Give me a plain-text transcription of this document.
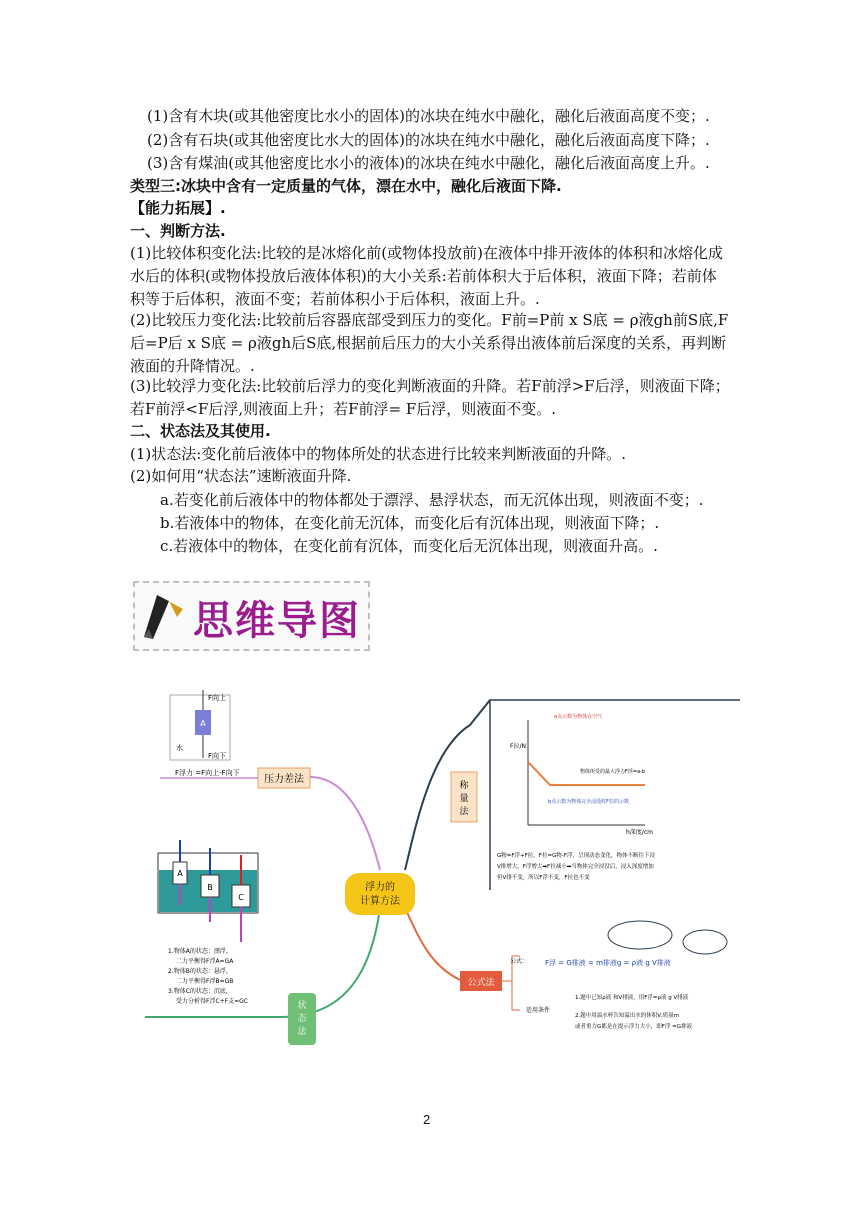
(1)含有木块(或其他密度比水小的固体)的冰块在纯水中融化，融化后液面高度不变；.
(2)含有石块(或其他密度比水大的固体)的冰块在纯水中融化，融化后液面高度下降；.
(3)含有煤油(或其他密度比水小的液体)的冰块在纯水中融化，融化后液面高度上升。.
类型三:冰块中含有一定质量的气体，漂在水中，融化后液面下降.
【能力拓展】.
一、判断方法.
(1)比较体积变化法:比较的是冰熔化前(或物体投放前)在液体中排开液体的体积和冰熔化成水后的体积(或物体投放后液体体积)的大小关系:若前体积大于后体积，液面下降；若前体积等于后体积，液面不变；若前体积小于后体积，液面上升。.
(2)比较压力变化法:比较前后容器底部受到压力的变化。F前=P前 x S底 = ρ液gh前S底,F后=P后 x S底 = ρ液gh后S底,根据前后压力的大小关系得出液体前后深度的关系，再判断液面的升降情况。.
(3)比较浮力变化法:比较前后浮力的变化判断液面的升降。若F前浮>F后浮，则液面下降；若F前浮<F后浮,则液面上升；若F前浮= F后浮，则液面不变。.
二、状态法及其使用.
(1)状态法:变化前后液体中的物体所处的状态进行比较来判断液面的升降。.
(2)如何用“状态法”速断液面升降.
a.若变化前后液体中的物体都处于漂浮、悬浮状态，而无沉体出现，则液面不变；.
b.若液体中的物体，在变化前无沉体，而变化后有沉体出现，则液面下降；.
c.若液体中的物体，在变化前有沉体，而变化后无沉体出现，则液面升高。.
思维导图
浮力的
计算方法
压力差法
F浮力 =F向上-F向下
A
F向上
F向下
水
A
B
C
1.物体A的状态：漂浮，
二力平衡得F浮A=GA
2.物体B的状态：悬浮，
二力平衡得F浮B=GB
3.物体C的状态：沉底，
受力分析得F浮C+F支=GC	状
态
法
称
量
法
F拉/N
h深度/cm
a点示数为物体在空气
物体所受的最大浮力F浮=a-b
b点示数为物体完全浸没时F拉的示数
G物=F浮+F拉，F拉=G物-F浮，呈现动态变化，物体不断往下浸
V排增大，F浮增大➡F拉减小➡当物体完全浸没后，浸入深度增加
但V排不变，所以F浮不变，F拉也不变
公式法
公式： F浮 = G排液 = m排液g = ρ液 g V排液
适用条件
1.题中已知ρ液 和V排液，用F浮=ρ液 g V排液
2.题中用溢水杯告知溢出水的体积V,质量m
或者重力G都是在提示浮力大小，即F浮 =G排液
2
